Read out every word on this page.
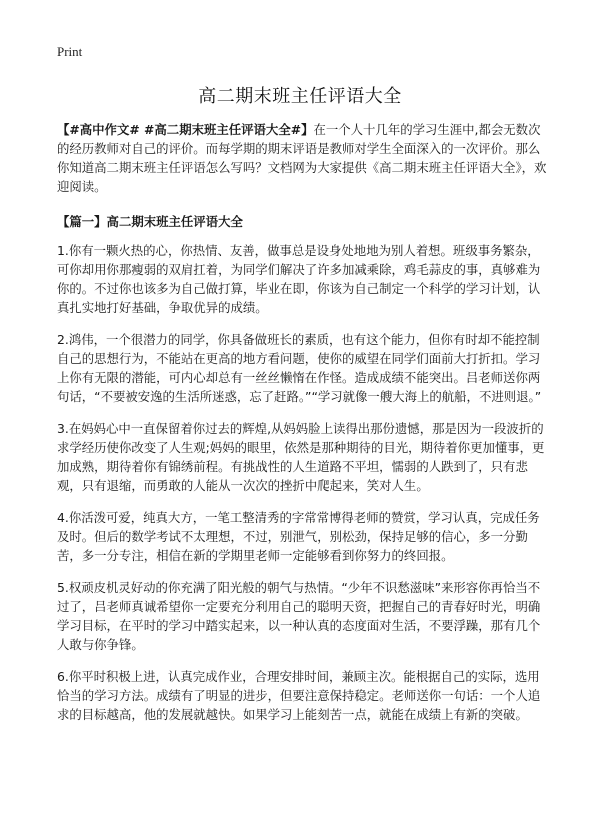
Print
高二期末班主任评语大全

【#高中作文# #高二期末班主任评语大全#】在一个人十几年的学习生涯中,都会无数次的经历教师对自己的评价。而每学期的期末评语是教师对学生全面深入的一次评价。那么你知道高二期末班主任评语怎么写吗？文档网为大家提供《高二期末班主任评语大全》，欢迎阅读。

【篇一】高二期末班主任评语大全

1.你有一颗火热的心，你热情、友善，做事总是设身处地地为别人着想。班级事务繁杂，可你却用你那瘦弱的双肩扛着，为同学们解决了许多加减乘除，鸡毛蒜皮的事，真够难为你的。不过你也该多为自己做打算，毕业在即，你该为自己制定一个科学的学习计划，认真扎实地打好基础，争取优异的成绩。

2.鸿伟，一个很潜力的同学，你具备做班长的素质，也有这个能力，但你有时却不能控制自己的思想行为，不能站在更高的地方看问题，使你的威望在同学们面前大打折扣。学习上你有无限的潜能，可内心却总有一丝丝懒惰在作怪。造成成绩不能突出。吕老师送你两句话，“不要被安逸的生活所迷惑，忘了赶路。”“学习就像一艘大海上的航船，不进则退。”

3.在妈妈心中一直保留着你过去的辉煌,从妈妈脸上读得出那份遗憾，那是因为一段波折的求学经历使你改变了人生观;妈妈的眼里，依然是那种期待的目光，期待着你更加懂事，更加成熟，期待着你有锦绣前程。有挑战性的人生道路不平坦，懦弱的人跌到了，只有悲观，只有退缩，而勇敢的人能从一次次的挫折中爬起来，笑对人生。

4.你活泼可爱，纯真大方，一笔工整清秀的字常常博得老师的赞赏，学习认真，完成任务及时。但后的数学考试不太理想，不过，别泄气，别松劲，保持足够的信心，多一分勤苦，多一分专注，相信在新的学期里老师一定能够看到你努力的终回报。

5.权顽皮机灵好动的你充满了阳光般的朝气与热情。“少年不识愁滋味”来形容你再恰当不过了，吕老师真诚希望你一定要充分利用自己的聪明天资，把握自己的青春好时光，明确学习目标，在平时的学习中踏实起来，以一种认真的态度面对生活，不要浮躁，那有几个人敢与你争锋。

6.你平时积极上进，认真完成作业，合理安排时间，兼顾主次。能根据自己的实际，选用恰当的学习方法。成绩有了明显的进步，但要注意保持稳定。老师送你一句话：一个人追求的目标越高，他的发展就越快。如果学习上能刻苦一点，就能在成绩上有新的突破。
